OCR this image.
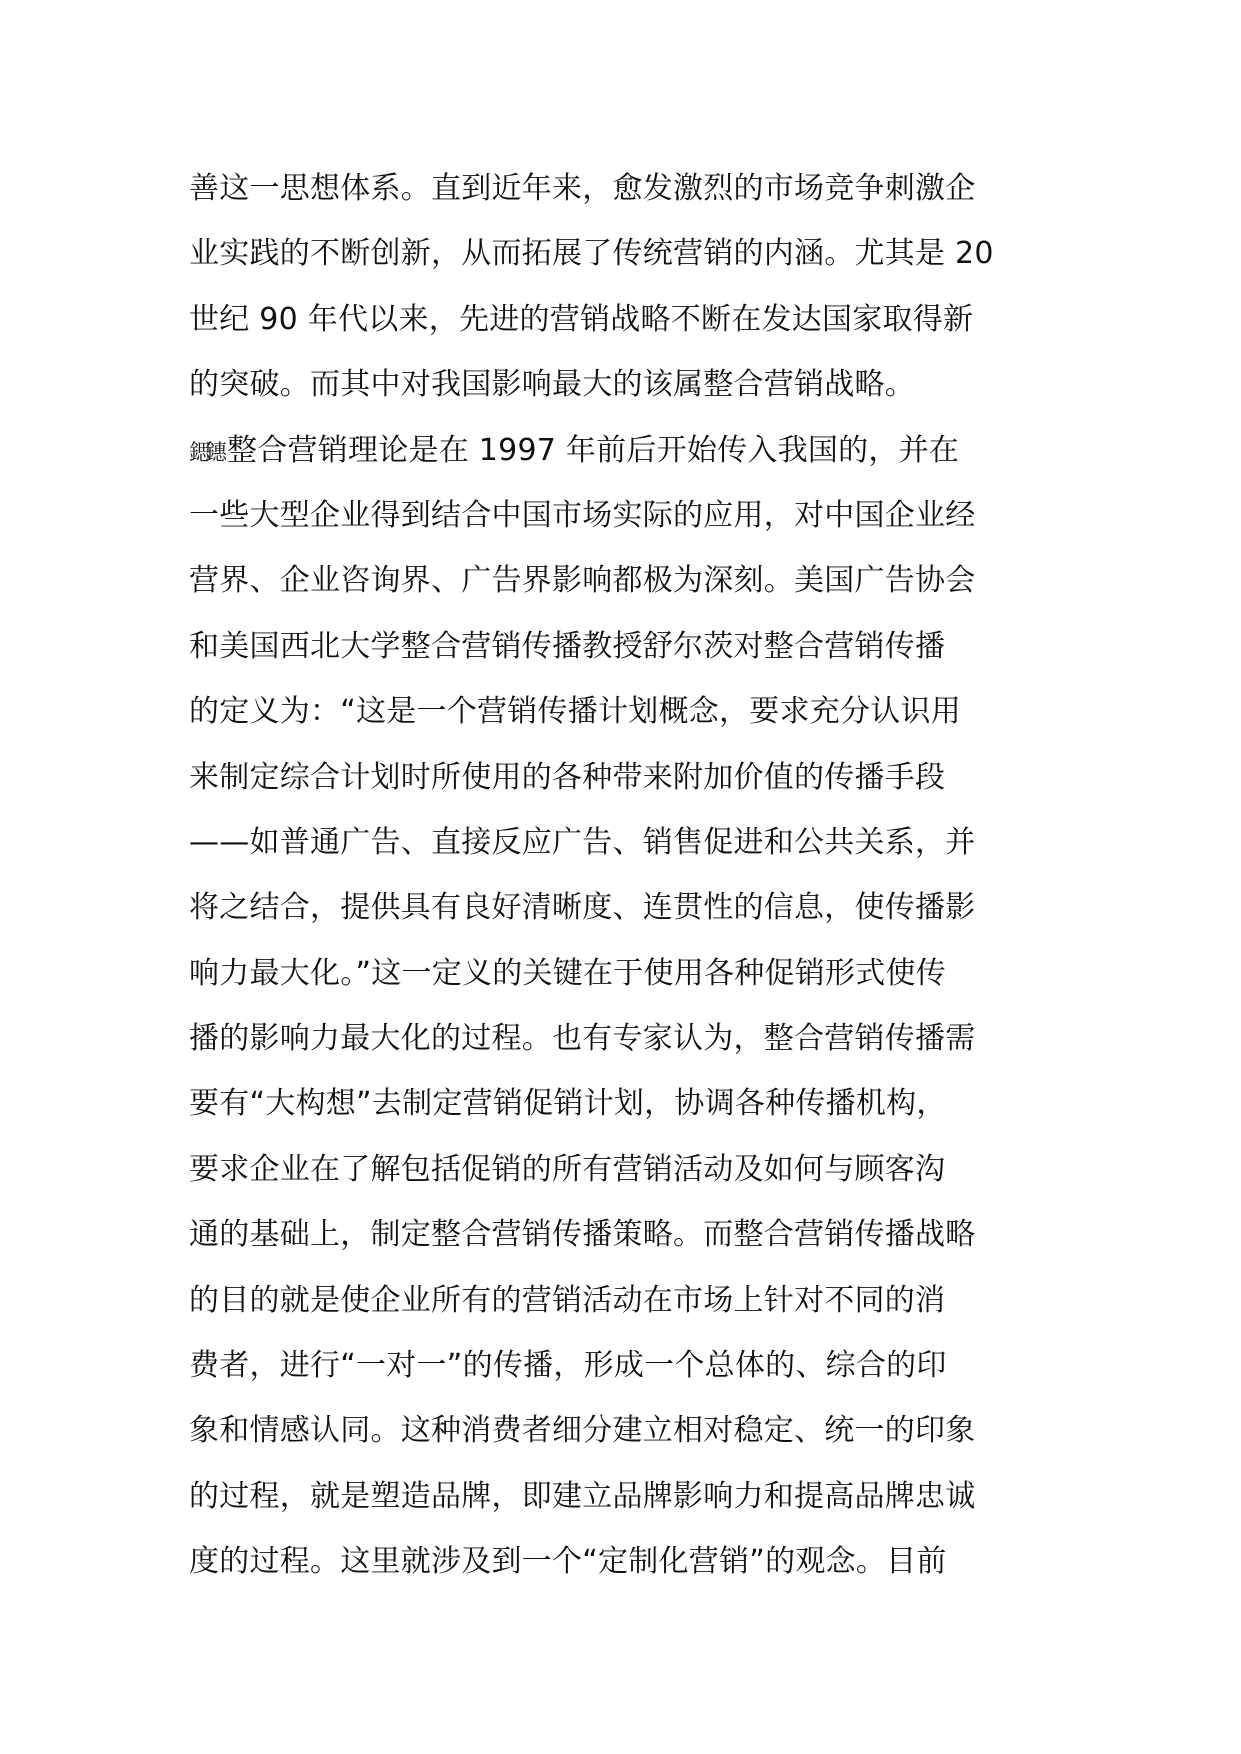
善这一思想体系。直到近年来，愈发激烈的市场竞争刺激企
业实践的不断创新，从而拓展了传统营销的内涵。尤其是 20
世纪 90 年代以来，先进的营销战略不断在发达国家取得新
的突破。而其中对我国影响最大的该属整合营销战略。
鍶鏸 整合营销理论是在 1997 年前后开始传入我国的，并在
一些大型企业得到结合中国市场实际的应用，对中国企业经
营界、企业咨询界、广告界影响都极为深刻。美国广告协会
和美国西北大学整合营销传播教授舒尔茨对整合营销传播
的定义为：“这是一个营销传播计划概念，要求充分认识用
来制定综合计划时所使用的各种带来附加价值的传播手段
——如普通广告、直接反应广告、销售促进和公共关系，并
将之结合，提供具有良好清晰度、连贯性的信息，使传播影
响力最大化。”这一定义的关键在于使用各种促销形式使传
播的影响力最大化的过程。也有专家认为，整合营销传播需
要有“大构想”去制定营销促销计划，协调各种传播机构，
要求企业在了解包括促销的所有营销活动及如何与顾客沟
通的基础上，制定整合营销传播策略。而整合营销传播战略
的目的就是使企业所有的营销活动在市场上针对不同的消
费者，进行“一对一”的传播，形成一个总体的、综合的印
象和情感认同。这种消费者细分建立相对稳定、统一的印象
的过程，就是塑造品牌，即建立品牌影响力和提高品牌忠诚
度的过程。这里就涉及到一个“定制化营销”的观念。目前
